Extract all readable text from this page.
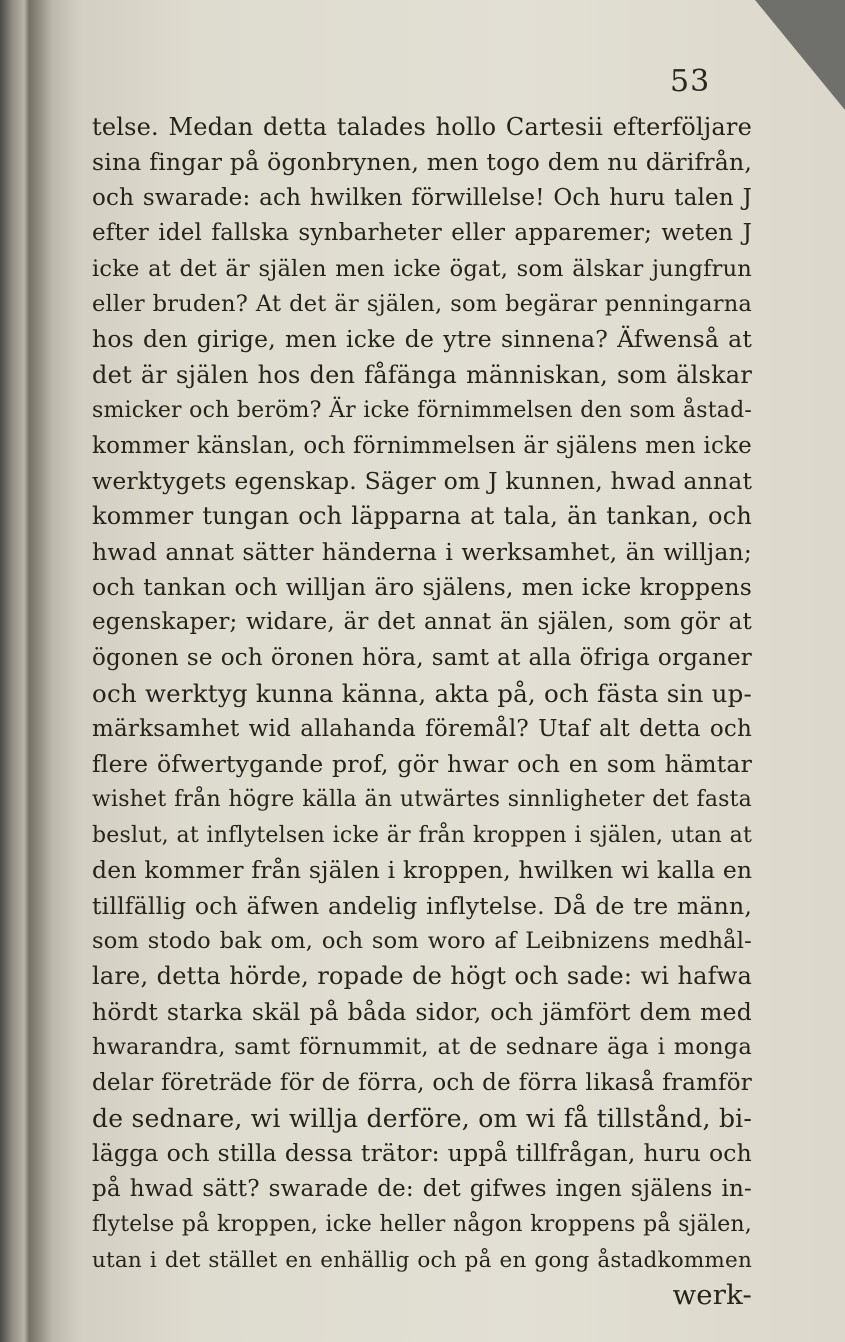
53
telse. Medan detta talades hollo Cartesii efterföljare
sina fingar på ögonbrynen, men togo dem nu därifrån,
och swarade: ach hwilken förwillelse! Och huru talen J
efter idel fallska synbarheter eller apparemer; weten J
icke at det är själen men icke ögat, som älskar jungfrun
eller bruden? At det är själen, som begärar penningarna
hos den girige, men icke de ytre sinnena? Äfwenså at
det är själen hos den fåfänga människan, som älskar
smicker och beröm? Är icke förnimmelsen den som åstad-
kommer känslan, och förnimmelsen är själens men icke
werktygets egenskap. Säger om J kunnen, hwad annat
kommer tungan och läpparna at tala, än tankan, och
hwad annat sätter händerna i werksamhet, än willjan;
och tankan och willjan äro själens, men icke kroppens
egenskaper; widare, är det annat än själen, som gör at
ögonen se och öronen höra, samt at alla öfriga organer
och werktyg kunna känna, akta på, och fästa sin up-
märksamhet wid allahanda föremål? Utaf alt detta och
flere öfwertygande prof, gör hwar och en som hämtar
wishet från högre källa än utwärtes sinnligheter det fasta
beslut, at inflytelsen icke är från kroppen i själen, utan at
den kommer från själen i kroppen, hwilken wi kalla en
tillfällig och äfwen andelig inflytelse. Då de tre männ,
som stodo bak om, och som woro af Leibnizens medhål-
lare, detta hörde, ropade de högt och sade: wi hafwa
hördt starka skäl på båda sidor, och jämfört dem med
hwarandra, samt förnummit, at de sednare äga i monga
delar företräde för de förra, och de förra likaså framför
de sednare, wi willja derföre, om wi få tillstånd, bi-
lägga och stilla dessa trätor: uppå tillfrågan, huru och
på hwad sätt? swarade de: det gifwes ingen själens in-
flytelse på kroppen, icke heller någon kroppens på själen,
utan i det stället en enhällig och på en gong åstadkommen
werk-
